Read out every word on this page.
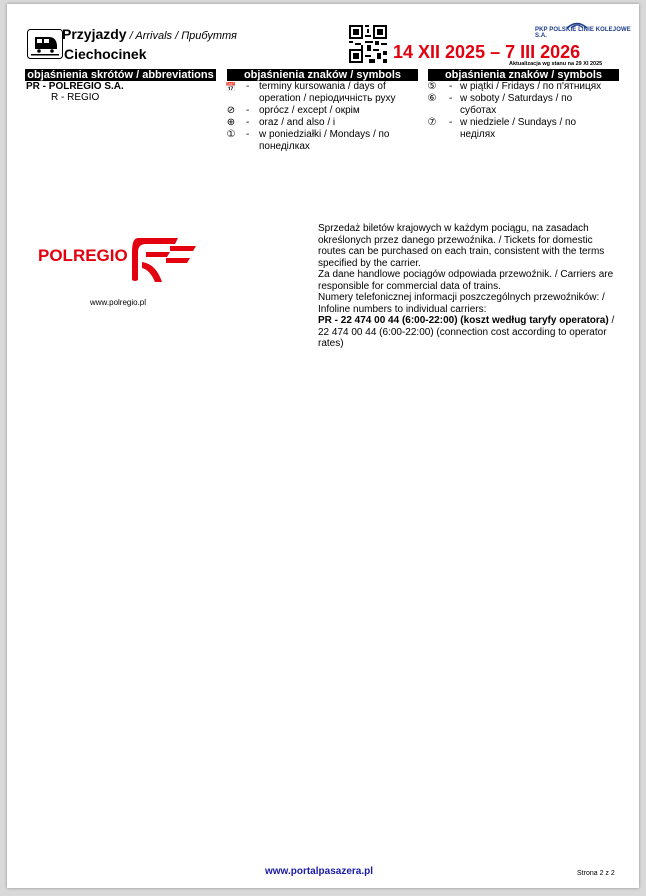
Przyjazdy / Arrivals / Прибуття
Ciechocinek
PKP POLSKIE LINIE KOLEJOWE S.A.
14 XII 2025 – 7 III 2026
Aktualizacja wg stanu na 29 XI 2025
objaśnienia skrótów / abbreviations	objaśnienia znaków / symbols	objaśnienia znaków / symbols
PR - POLREGIO S.A.
R - REGIO
📅 - terminy kursowania / days of operation / періодичність руху
⊘ - oprócz / except / окрім
⊕ - oraz / and also / і
① - w poniedziałki / Mondays / по понеділках
⑤ - w piątki / Fridays / по п'ятницях
⑥ - w soboty / Saturdays / по суботах
⑦ - w niedziele / Sundays / по неділях
POLREGIO
www.polregio.pl

Sprzedaż biletów krajowych w każdym pociągu, na zasadach określonych przez danego przewoźnika. / Tickets for domestic routes can be purchased on each train, consistent with the terms specified by the carrier.

Za dane handlowe pociągów odpowiada przewoźnik. / Carriers are responsible for commercial data of trains.

Numery telefonicznej informacji poszczególnych przewoźników: / Infoline numbers to individual carriers:

PR - 22 474 00 44 (6:00-22:00) (koszt według taryfy operatora) / 22 474 00 44 (6:00-22:00) (connection cost according to operator rates)

www.portalpasazera.pl	Strona 2 z 2
